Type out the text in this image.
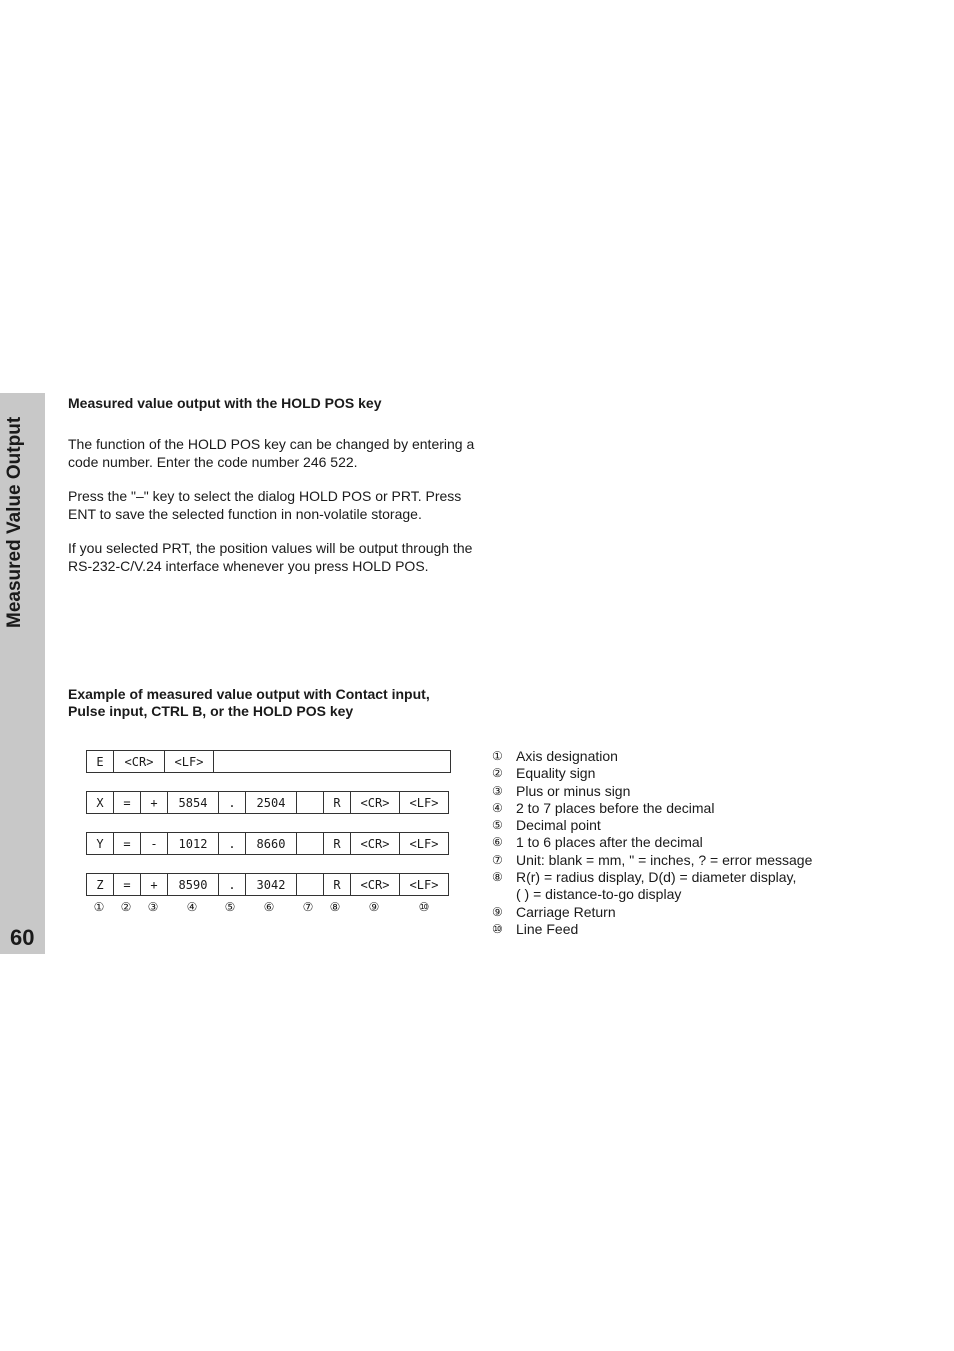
Measured Value Output
60

Measured value output with the HOLD POS key

The function of the HOLD POS key can be changed by entering a code number. Enter the code number 246 522.

Press the "–" key to select the dialog HOLD POS or PRT. Press ENT to save the selected function in non-volatile storage.

If you selected PRT, the position values will be output through the RS-232-C/V.24 interface whenever you press HOLD POS.

Example of measured value output with Contact input,
Pulse input, CTRL B, or the HOLD POS key

E	<CR>	<LF>	
X	=	+	5854	.	2504		R	<CR>	<LF>
Y	=	-	1012	.	8660		R	<CR>	<LF>
Z	=	+	8590	.	3042		R	<CR>	<LF>
① ② ③ ④ ⑤ ⑥ ⑦ ⑧ ⑨	⑩
① Axis designation
② Equality sign
③ Plus or minus sign
④ 2 to 7 places before the decimal
⑤ Decimal point
⑥ 1 to 6 places after the decimal
⑦ Unit: blank = mm, " = inches, ? = error message
⑧ R(r) = radius display, D(d) = diameter display,
( ) = distance-to-go display
⑨ Carriage Return
⑩ Line Feed
